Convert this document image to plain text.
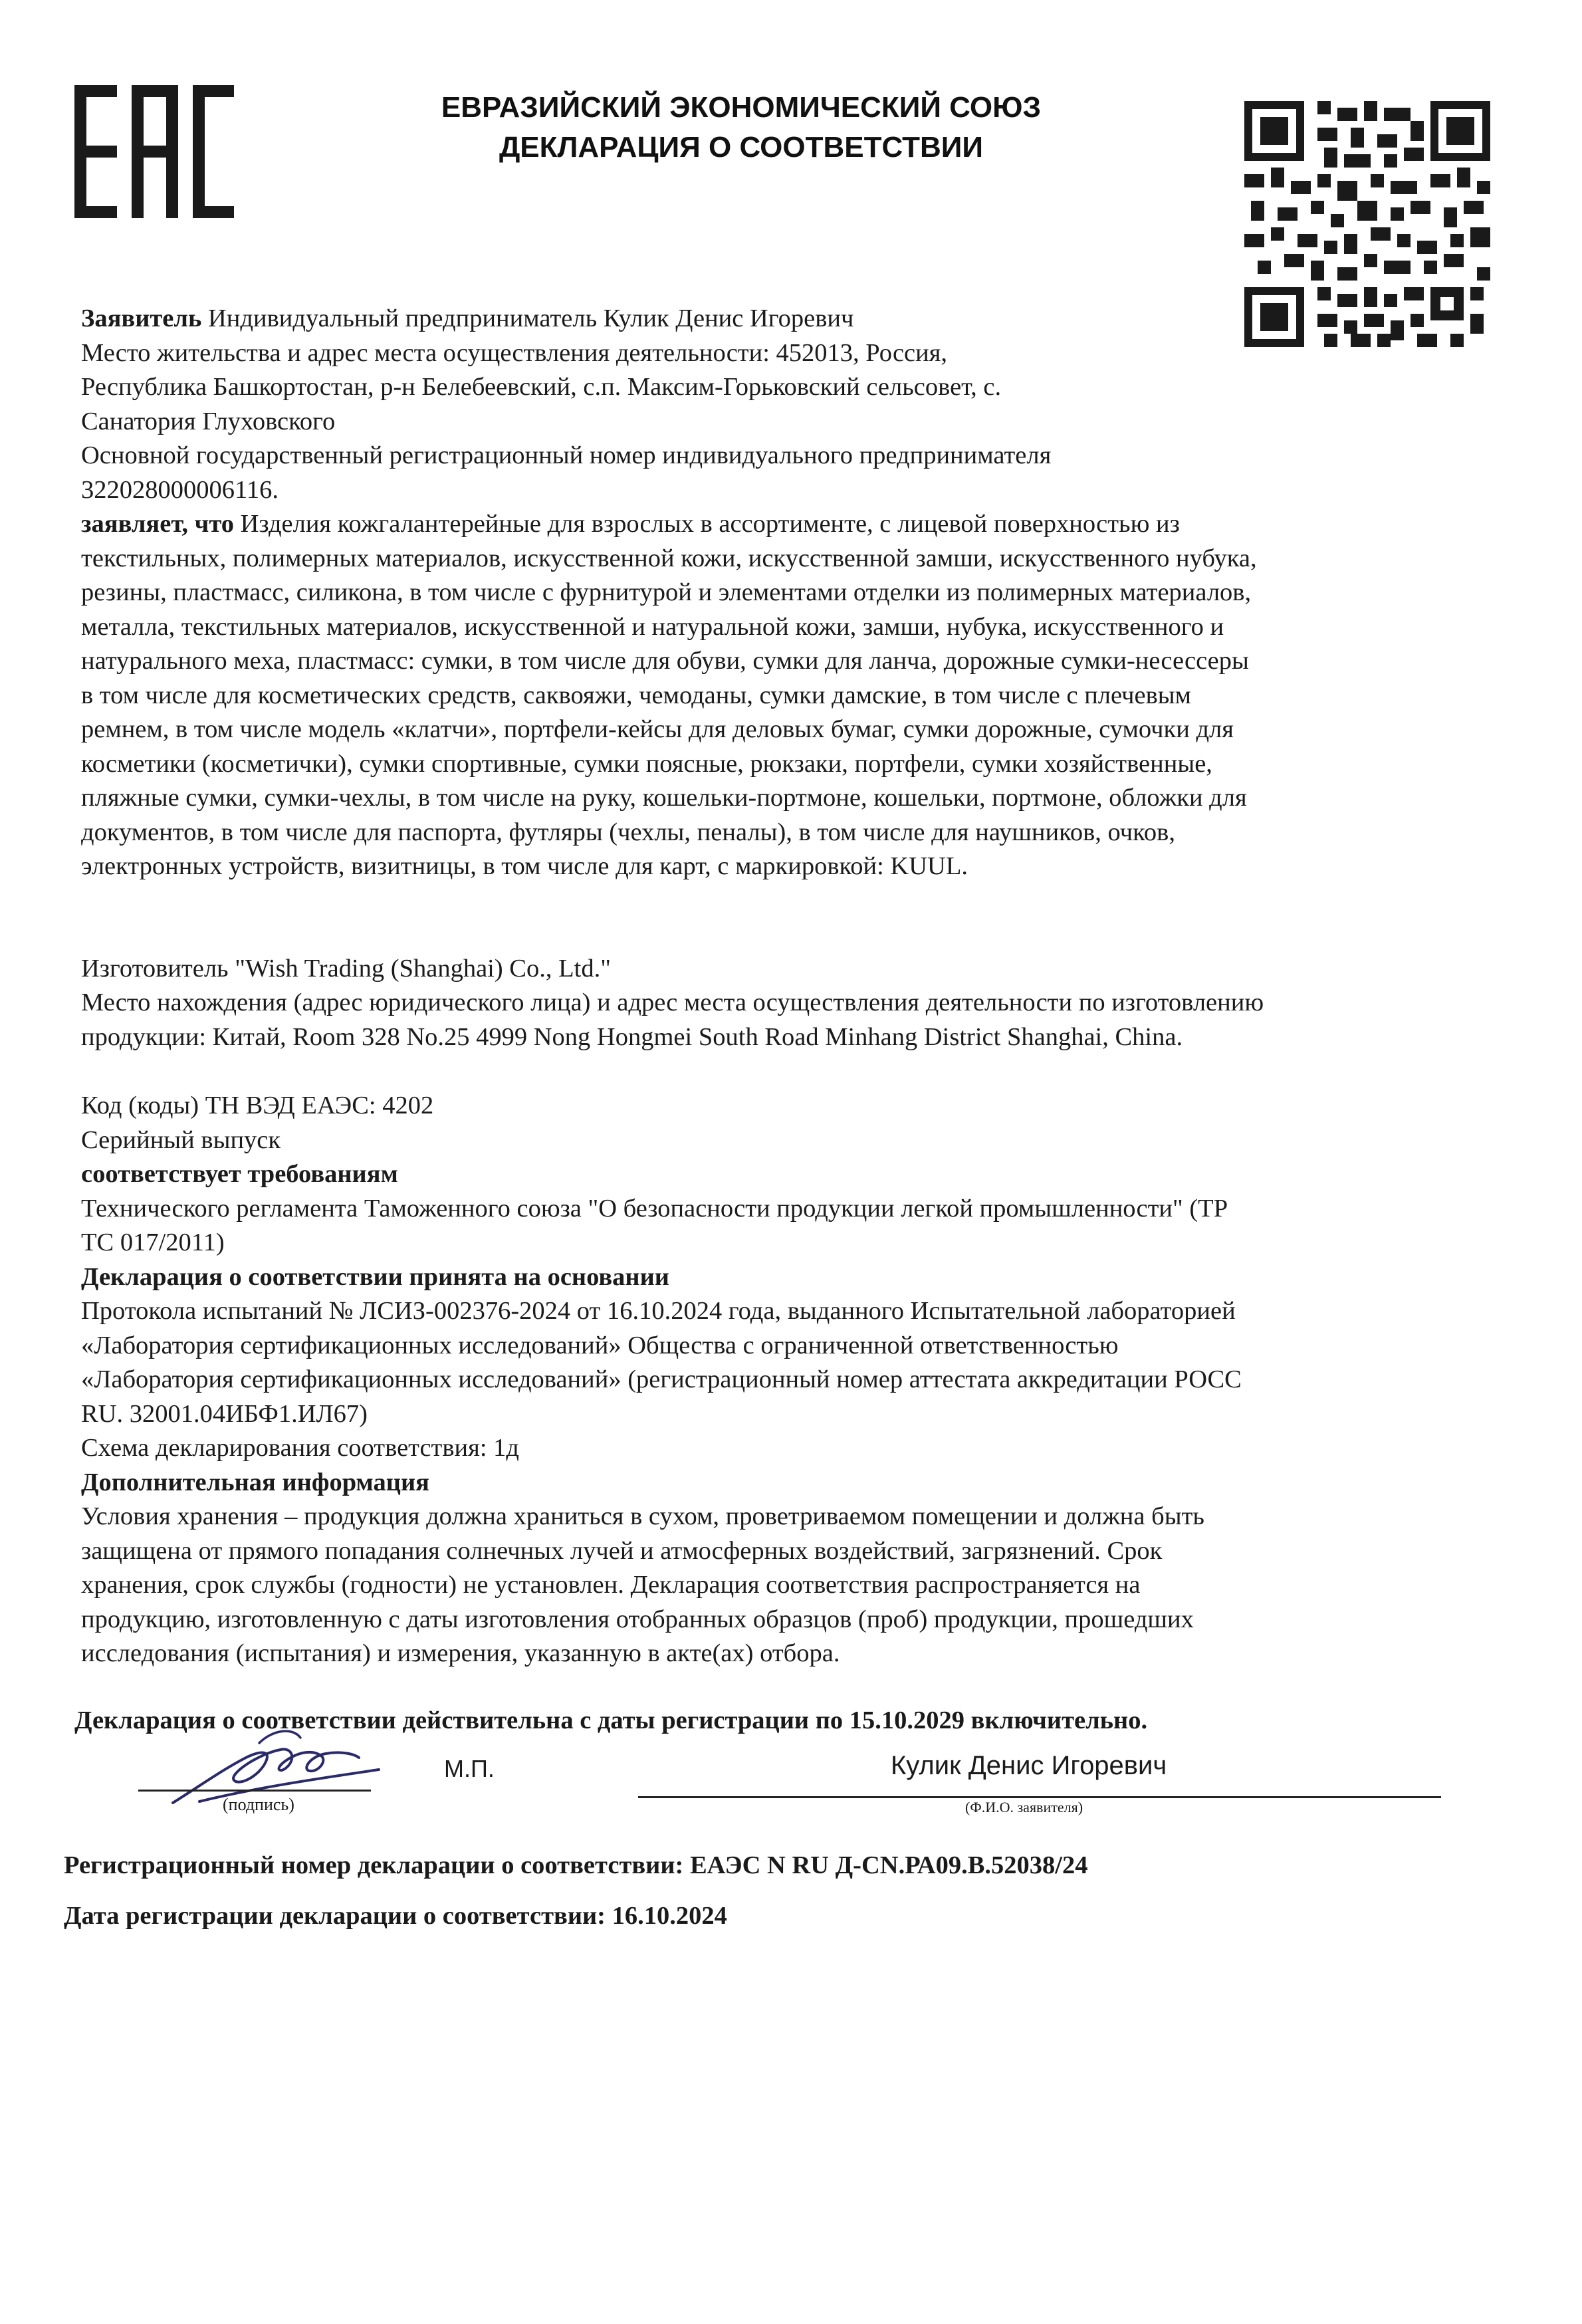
ЕВРАЗИЙСКИЙ ЭКОНОМИЧЕСКИЙ СОЮЗ
ДЕКЛАРАЦИЯ О СООТВЕТСТВИИ

Заявитель Индивидуальный предприниматель Кулик Денис Игоревич

Место жительства и адрес места осуществления деятельности: 452013, Россия,

Республика Башкортостан, р-н Белебеевский, с.п. Максим-Горьковский сельсовет, с.

Санатория Глуховского

Основной государственный регистрационный номер индивидуального предпринимателя

322028000006116.

заявляет, что Изделия кожгалантерейные для взрослых в ассортименте, с лицевой поверхностью из

текстильных, полимерных материалов, искусственной кожи, искусственной замши, искусственного нубука,

резины, пластмасс, силикона, в том числе с фурнитурой и элементами отделки из полимерных материалов,

металла, текстильных материалов, искусственной и натуральной кожи, замши, нубука, искусственного и

натурального меха, пластмасс: сумки, в том числе для обуви, сумки для ланча, дорожные сумки-несессеры

в том числе для косметических средств, саквояжи, чемоданы, сумки дамские, в том числе с плечевым

ремнем, в том числе модель «клатчи», портфели-кейсы для деловых бумаг, сумки дорожные, сумочки для

косметики (косметички), сумки спортивные, сумки поясные, рюкзаки, портфели, сумки хозяйственные,

пляжные сумки, сумки-чехлы, в том числе на руку, кошельки-портмоне, кошельки, портмоне, обложки для

документов, в том числе для паспорта, футляры (чехлы, пеналы), в том числе для наушников, очков,

электронных устройств, визитницы, в том числе для карт, с маркировкой: KUUL.

Изготовитель "Wish Trading (Shanghai) Co., Ltd."

Место нахождения (адрес юридического лица) и адрес места осуществления деятельности по изготовлению

продукции: Китай, Room 328 No.25 4999 Nong Hongmei South Road Minhang District Shanghai, China.

Код (коды) ТН ВЭД ЕАЭС: 4202

Серийный выпуск

соответствует требованиям

Технического регламента Таможенного союза "О безопасности продукции легкой промышленности" (ТР

ТС 017/2011)

Декларация о соответствии принята на основании

Протокола испытаний № ЛСИЗ-002376-2024 от 16.10.2024 года, выданного Испытательной лабораторией

«Лаборатория сертификационных исследований» Общества с ограниченной ответственностью

«Лаборатория сертификационных исследований» (регистрационный номер аттестата аккредитации РОСС

RU. 32001.04ИБФ1.ИЛ67)

Схема декларирования соответствия: 1д

Дополнительная информация

Условия хранения – продукция должна храниться в сухом, проветриваемом помещении и должна быть

защищена от прямого попадания солнечных лучей и атмосферных воздействий, загрязнений. Срок

хранения, срок службы (годности) не установлен. Декларация соответствия распространяется на

продукцию, изготовленную с даты изготовления отобранных образцов (проб) продукции, прошедших

исследования (испытания) и измерения, указанную в акте(ах) отбора.

Декларация о соответствии действительна с даты регистрации по 15.10.2029 включительно.
М.П.	Кулик Денис Игоревич
(подпись)	(Ф.И.О. заявителя)
Регистрационный номер декларации о соответствии: ЕАЭС N RU Д-CN.РА09.В.52038/24
Дата регистрации декларации о соответствии: 16.10.2024
